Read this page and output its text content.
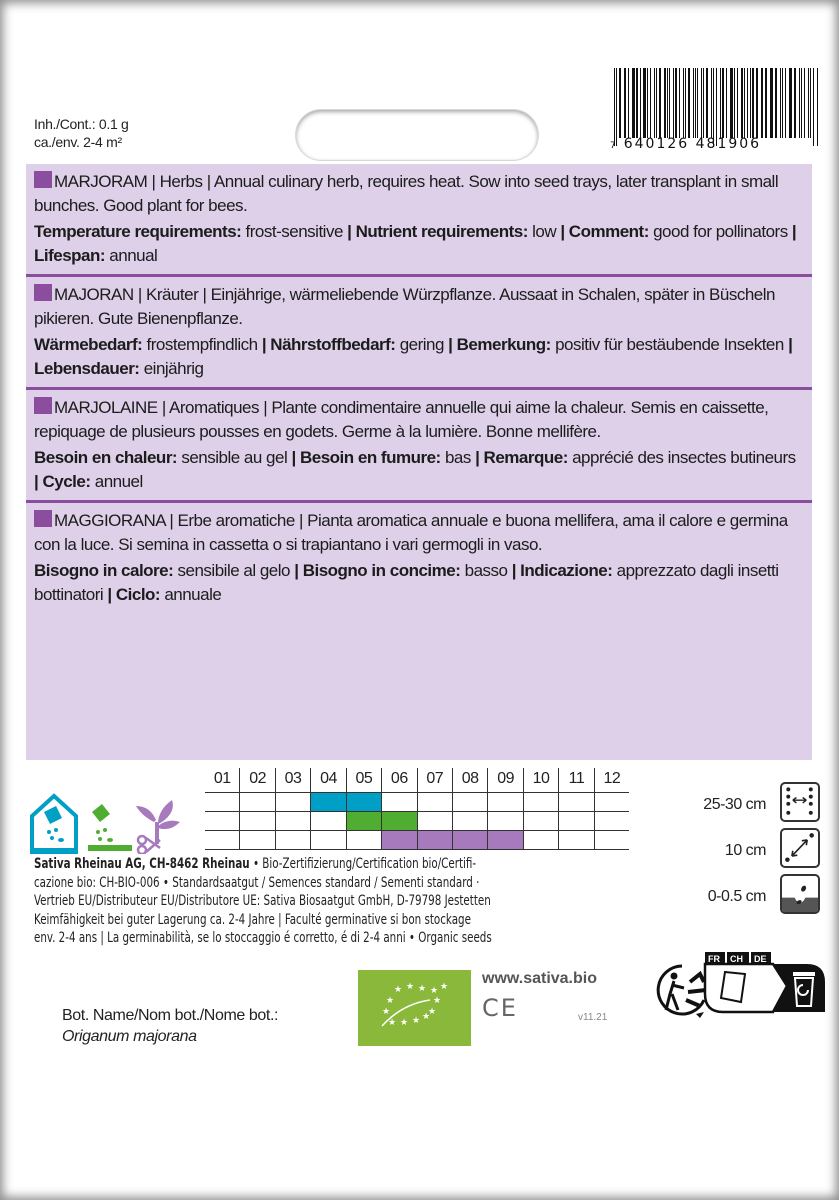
Inh./Cont.: 0.1 g
ca./env. 2-4 m²	7 640126 481906
MARJORAM | Herbs | Annual culinary herb, requires heat. Sow into seed trays, later transplant in small bunches. Good plant for bees.
Temperature requirements: frost-sensitive | Nutrient requirements: low | Comment: good for pollinators | Lifespan: annual
MAJORAN | Kräuter | Einjährige, wärmeliebende Würzpflanze. Aussaat in Schalen, später in Büscheln pikieren. Gute Bienenpflanze.
Wärmebedarf: frostempfindlich | Nährstoffbedarf: gering | Bemerkung: positiv für bestäubende Insekten | Lebensdauer: einjährig
MARJOLAINE | Aromatiques | Plante condimentaire annuelle qui aime la chaleur. Semis en caissette, repiquage de plusieurs pousses en godets. Germe à la lumière. Bonne mellifère.
Besoin en chaleur: sensible au gel | Besoin en fumure: bas | Remarque: apprécié des insectes butineurs | Cycle: annuel
MAGGIORANA | Erbe aromatiche | Pianta aromatica annuale e buona mellifera, ama il calore e germina con la luce. Si semina in cassetta o si trapiantano i vari germogli in vaso.
Bisogno in calore: sensibile al gelo | Bisogno in concime: basso | Indicazione: apprezzato dagli insetti bottinatori | Ciclo: annuale
01	02	03	04	05	06	07	08	09	10	11	12
25-30 cm
10 cm
0-0.5 cm
Sativa Rheinau AG, CH-8462 Rheinau • Bio-Zertifizierung/Certification bio/Certifi-
cazione bio: CH-BIO-006 • Standardsaatgut / Semences standard / Sementi standard ·
Vertrieb EU/Distributeur EU/Distributore UE: Sativa Biosaatgut GmbH, D-79798 Jestetten
Keimfähigkeit bei guter Lagerung ca. 2-4 Jahre | Faculté germinative si bon stockage
env. 2-4 ans | La germinabilità, se lo stoccaggio é corretto, é di 2-4 anni • Organic seeds
Bot. Name/Nom bot./Nome bot.:
Origanum majorana
★ ★ ★ ★ ★
★	★
★
★
★ ★ ★ ★
www.sativa.bio
CE	v11.21
FR CH DE
